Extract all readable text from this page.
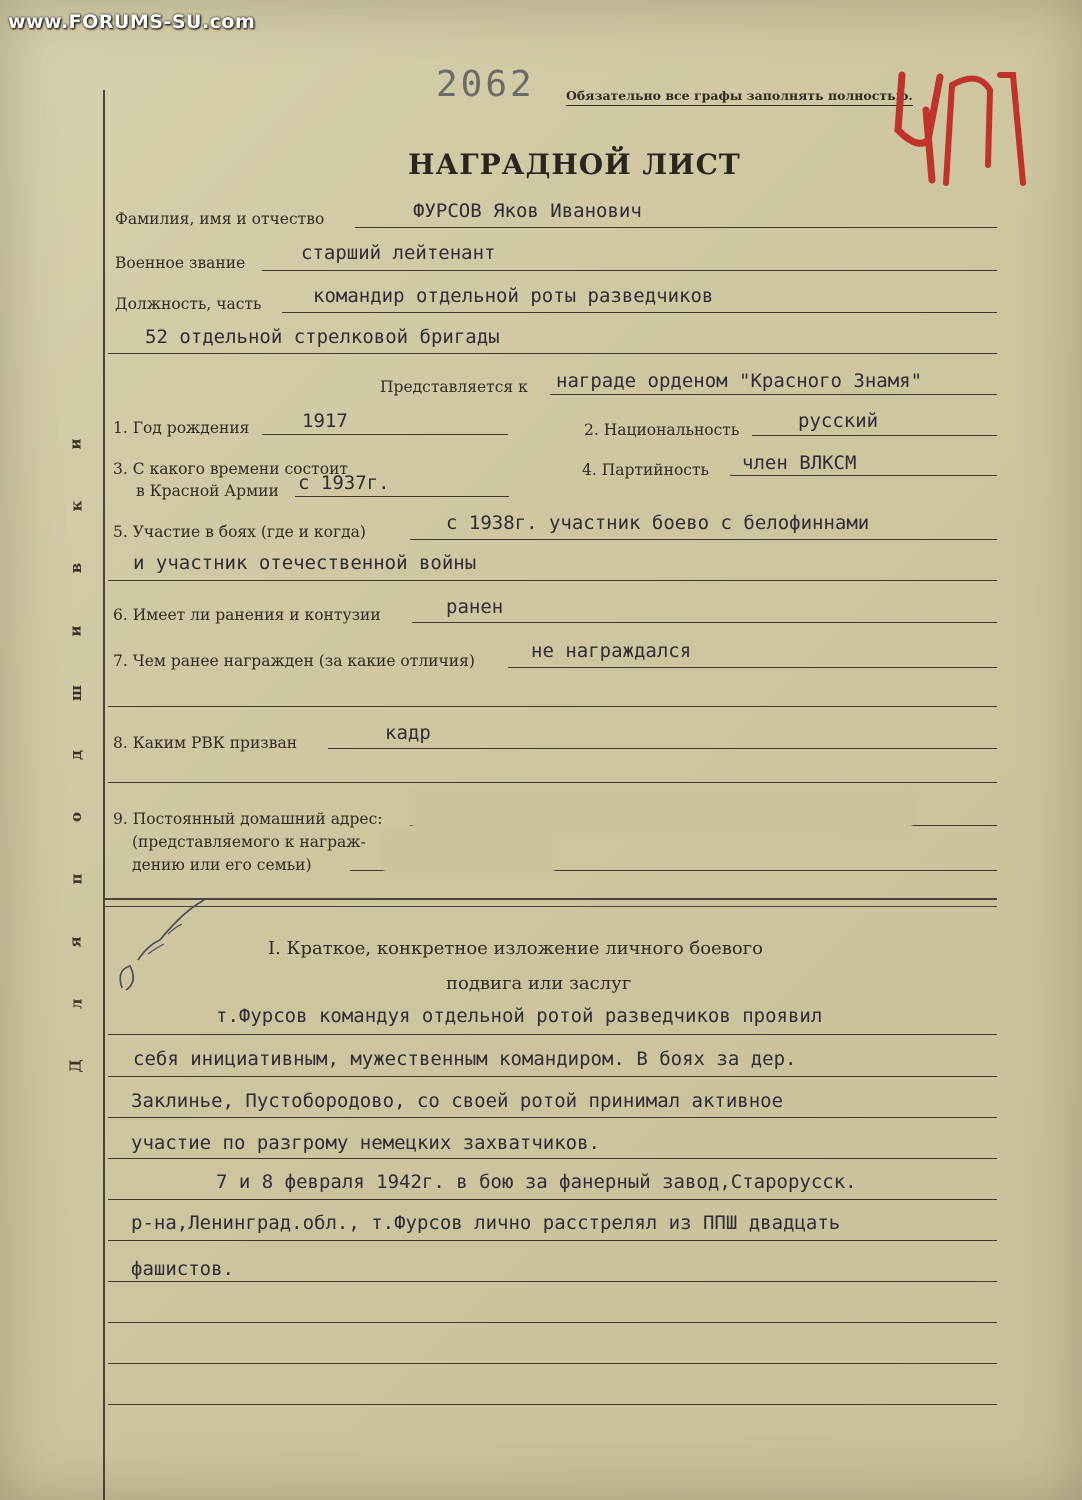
www.FORUMS-SU.com
и
к
в
и
ш
д
о
п
я
л
Д
2062	Обязательно все графы заполнять полностью.
НАГРАДНОЙ ЛИСТ
Фамилия, имя и отчество	ФУРСОВ Яков Иванович
Военное звание	старший лейтенант
Должность, часть	командир отдельной роты разведчиков
52 отдельной стрелковой бригады
Представляется к награде орденом "Красного Знамя"
1. Год рождения	1917	2. Национальность	русский
3. С какого времени состоит
в Красной Армии с 1937г.
4. Партийность член ВЛКСМ
5. Участие в боях (где и когда)	с 1938г. участник боево с белофиннами
и участник отечественной войны
6. Имеет ли ранения и контузии	ранен
7. Чем ранее награжден (за какие отличия)	не награждался
8. Каким РВК призван	кадр
9. Постоянный домашний адрес:
(представляемого к награж-
дению или его семьи)
I. Краткое, конкретное изложение личного боевого
подвига или заслуг
т.Фурсов командуя отдельной ротой разведчиков проявил
себя инициативным, мужественным командиром. В боях за дер.
Заклинье, Пустобородово, со своей ротой принимал активное
участие по разгрому немецких захватчиков.
7 и 8 февраля 1942г. в бою за фанерный завод,Старорусск.
р-на,Ленинград.обл., т.Фурсов лично расстрелял из ППШ двадцать
фашистов.
